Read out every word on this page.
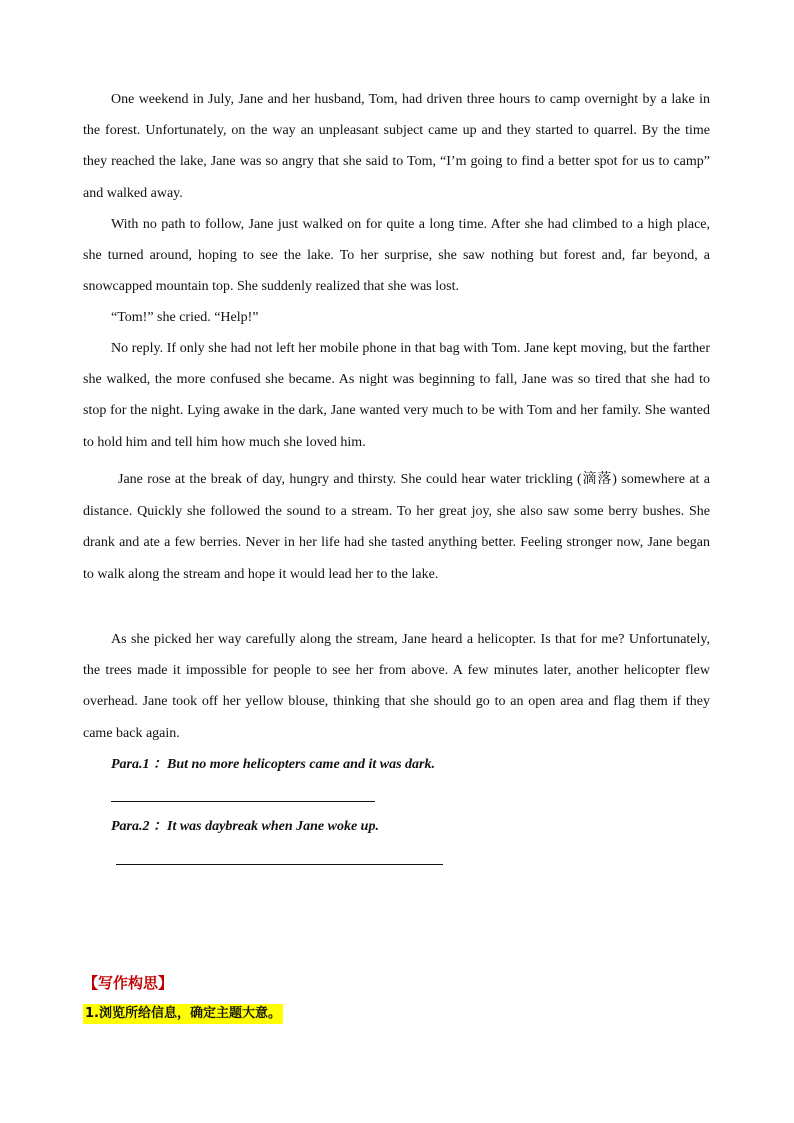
One weekend in July, Jane and her husband, Tom, had driven three hours to camp overnight by a lake in the forest. Unfortunately, on the way an unpleasant subject came up and they started to quarrel. By the time they reached the lake, Jane was so angry that she said to Tom, “I’m going to find a better spot for us to camp” and walked away.

With no path to follow, Jane just walked on for quite a long time. After she had climbed to a high place, she turned around, hoping to see the lake. To her surprise, she saw nothing but forest and, far beyond, a snowcapped mountain top. She suddenly realized that she was lost.

“Tom!” she cried. “Help!”

No reply. If only she had not left her mobile phone in that bag with Tom. Jane kept moving, but the farther she walked, the more confused she became. As night was beginning to fall, Jane was so tired that she had to stop for the night. Lying awake in the dark, Jane wanted very much to be with Tom and her family. She wanted to hold him and tell him how much she loved him.

Jane rose at the break of day, hungry and thirsty. She could hear water trickling (滴落) somewhere at a distance. Quickly she followed the sound to a stream. To her great joy, she also saw some berry bushes. She drank and ate a few berries. Never in her life had she tasted anything better. Feeling stronger now, Jane began to walk along the stream and hope it would lead her to the lake.

As she picked her way carefully along the stream, Jane heard a helicopter. Is that for me? Unfortunately, the trees made it impossible for people to see her from above. A few minutes later, another helicopter flew overhead. Jane took off her yellow blouse, thinking that she should go to an open area and flag them if they came back again.

Para.1 ：But no more helicopters came and it was dark.

Para.2 ：It was daybreak when Jane woke up.

【写作构思】

1.浏览所给信息，确定主题大意。
